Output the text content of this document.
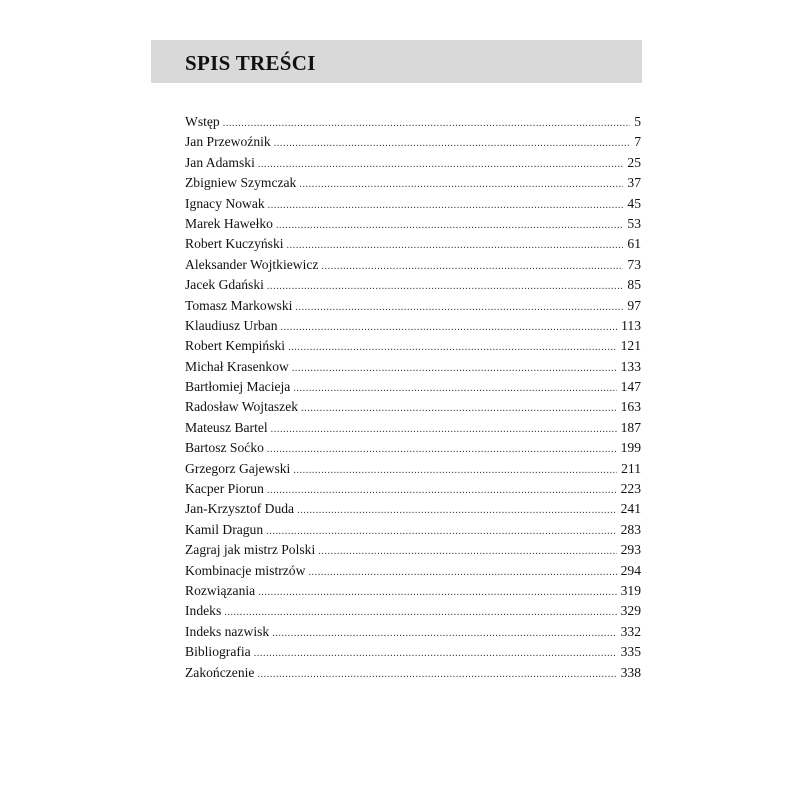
SPIS TREŚCI
Wstęp .....	5
Jan Przewoźnik .....	7
Jan Adamski .....	25
Zbigniew Szymczak .....	37
Ignacy Nowak .....	45
Marek Hawełko .....	53
Robert Kuczyński .....	61
Aleksander Wojtkiewicz .....	73
Jacek Gdański .....	85
Tomasz Markowski .....	97
Klaudiusz Urban .....	113
Robert Kempiński .....	121
Michał Krasenkow .....	133
Bartłomiej Macieja .....	147
Radosław Wojtaszek .....	163
Mateusz Bartel .....	187
Bartosz Soćko .....	199
Grzegorz Gajewski .....	211
Kacper Piorun .....	223
Jan-Krzysztof Duda .....	241
Kamil Dragun .....	283
Zagraj jak mistrz Polski .....	293
Kombinacje mistrzów .....	294
Rozwiązania .....	319
Indeks .....	329
Indeks nazwisk .....	332
Bibliografia .....	335
Zakończenie .....	338
